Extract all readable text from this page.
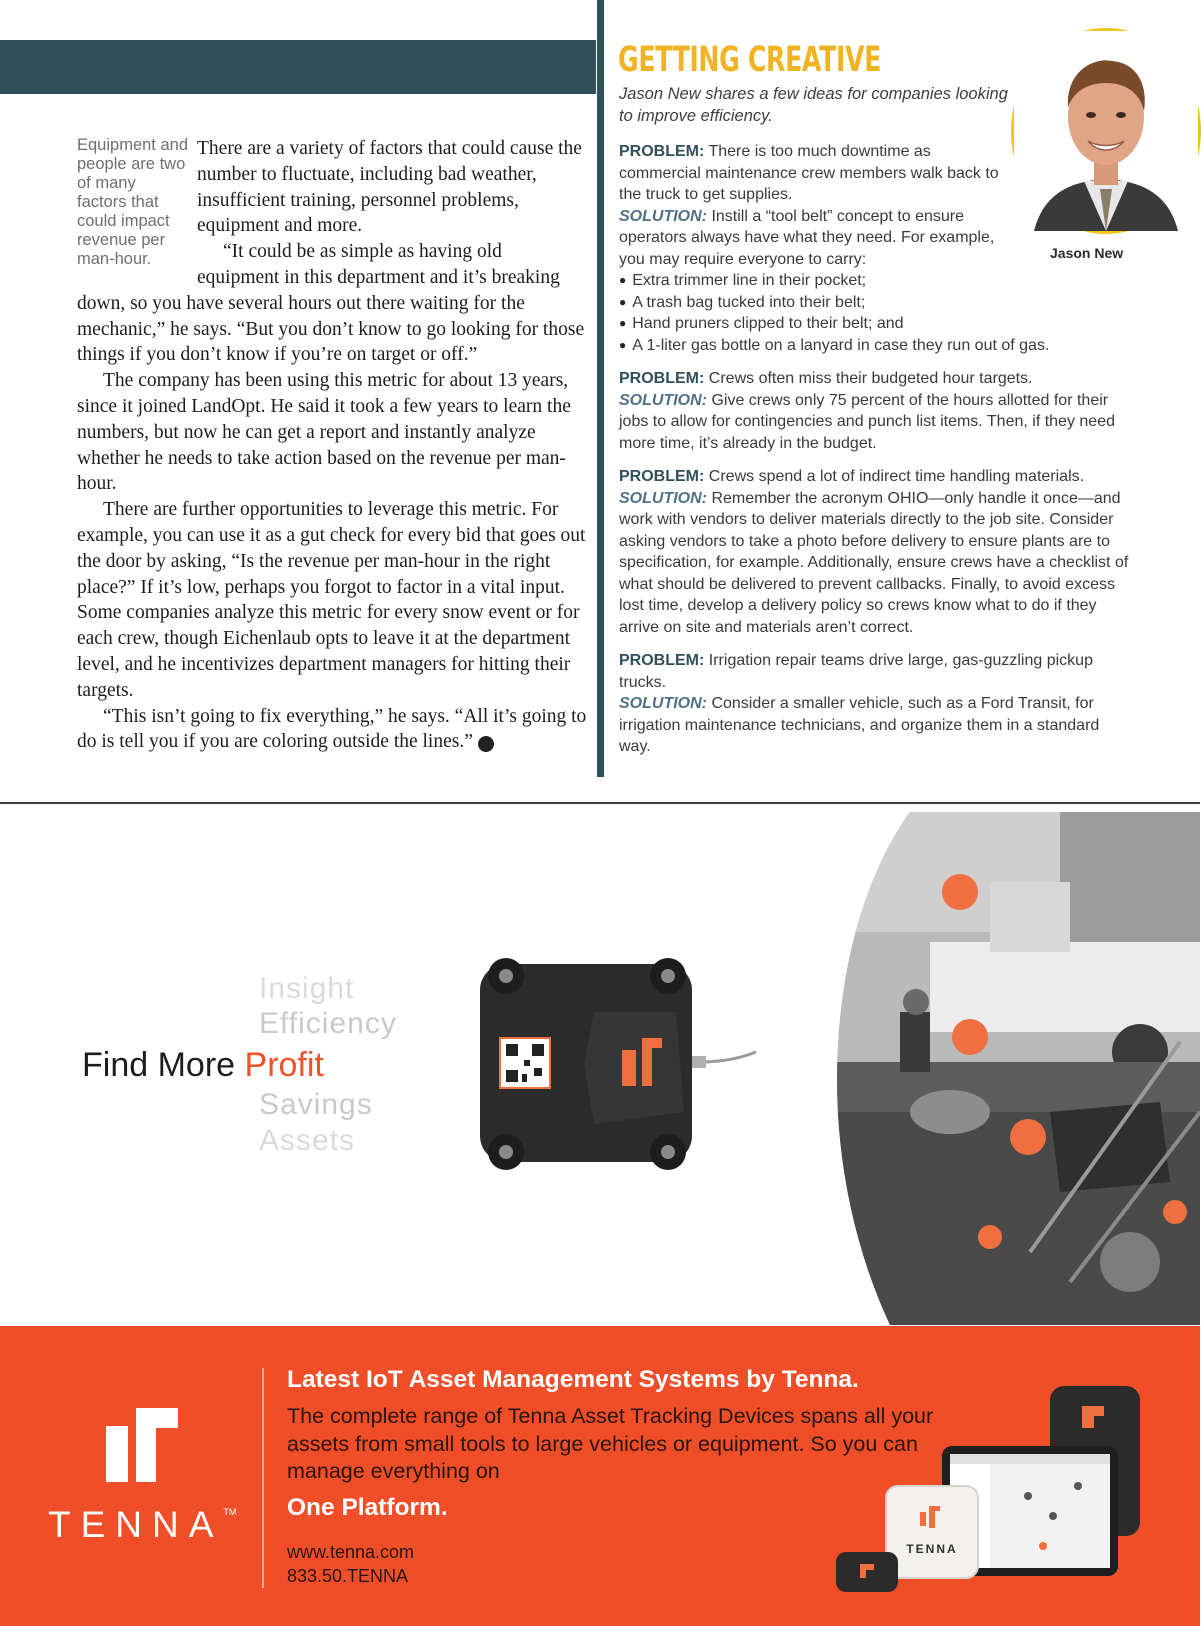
Equipment and people are two of many factors that could impact revenue per man-hour.

There are a variety of factors that could cause the number to fluctuate, including bad weather, insufficient training, personnel problems, equipment and more.

“It could be as simple as having old equipment in this department and it’s breaking down, so you have several hours out there waiting for the mechanic,” he says. “But you don’t know to go looking for those things if you don’t know if you’re on target or off.”

The company has been using this metric for about 13 years, since it joined LandOpt. He said it took a few years to learn the numbers, but now he can get a report and instantly analyze whether he needs to take action based on the revenue per man-hour.

There are further opportunities to leverage this metric. For example, you can use it as a gut check for every bid that goes out the door by asking, “Is the revenue per man-hour in the right place?” If it’s low, perhaps you forgot to factor in a vital input. Some companies analyze this metric for every snow event or for each crew, though Eichenlaub opts to leave it at the department level, and he incentivizes department managers for hitting their targets.

“This isn’t going to fix everything,” he says. “All it’s going to do is tell you if you are coloring outside the lines.”	LM

GETTING CREATIVE
Jason New shares a few ideas for companies looking to improve efficiency.
Jason New
PROBLEM: There is too much downtime as commercial maintenance crew members walk back to the truck to get supplies.
SOLUTION: Instill a “tool belt” concept to ensure operators always have what they need. For example, you may require everyone to carry:
● Extra trimmer line in their pocket;
● A trash bag tucked into their belt;
● Hand pruners clipped to their belt; and
● A 1-liter gas bottle on a lanyard in case they run out of gas.
PROBLEM: Crews often miss their budgeted hour targets.
SOLUTION: Give crews only 75 percent of the hours allotted for their jobs to allow for contingencies and punch list items. Then, if they need more time, it’s already in the budget.
PROBLEM: Crews spend a lot of indirect time handling materials.
SOLUTION: Remember the acronym OHIO—only handle it once—and work with vendors to deliver materials directly to the job site. Consider asking vendors to take a photo before delivery to ensure plants are to specification, for example. Additionally, ensure crews have a checklist of what should be delivered to prevent callbacks. Finally, to avoid excess lost time, develop a delivery policy so crews know what to do if they arrive on site and materials aren’t correct.
PROBLEM: Irrigation repair teams drive large, gas-guzzling pickup trucks.
SOLUTION: Consider a smaller vehicle, such as a Ford Transit, for irrigation maintenance technicians, and organize them in a standard way.
Insight
Efficiency
Find More Profit
Savings
Assets
TENNA™
Latest IoT Asset Management Systems by Tenna.
The complete range of Tenna Asset Tracking Devices spans all your assets from small tools to large vehicles or equipment. So you can manage everything on
One Platform.
www.tenna.com
833.50.TENNA
TENNA
